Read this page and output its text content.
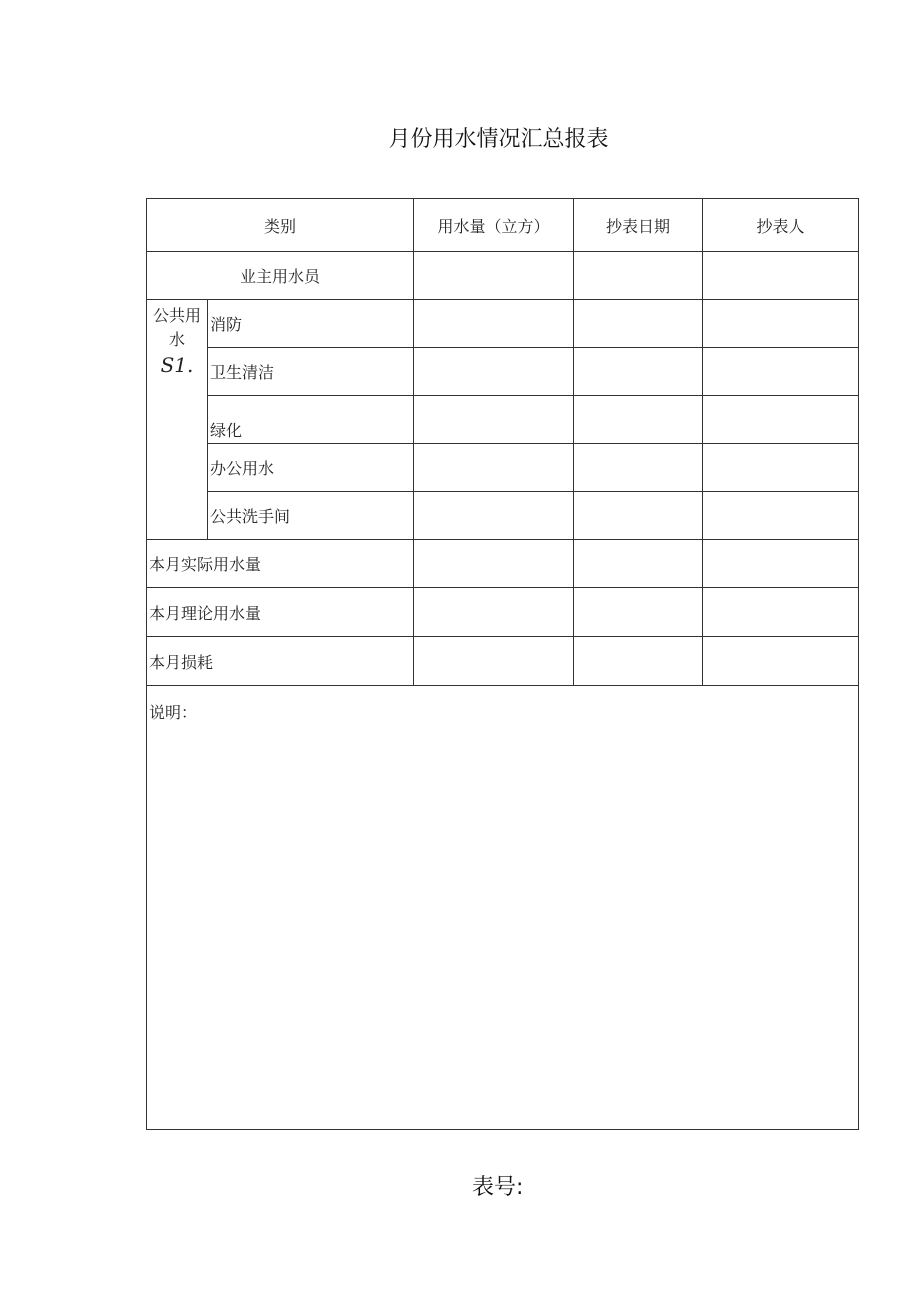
月份用水情况汇总报表
类别		用水量（立方）	抄表日期	抄表人
业主用水员				
公共用水
S1.	消防			
	卫生清洁			
	绿化			
	办公用水			
	公共洗手间			
本月实际用水量				
本月理论用水量				
本月损耗				
说明：				
表号:
